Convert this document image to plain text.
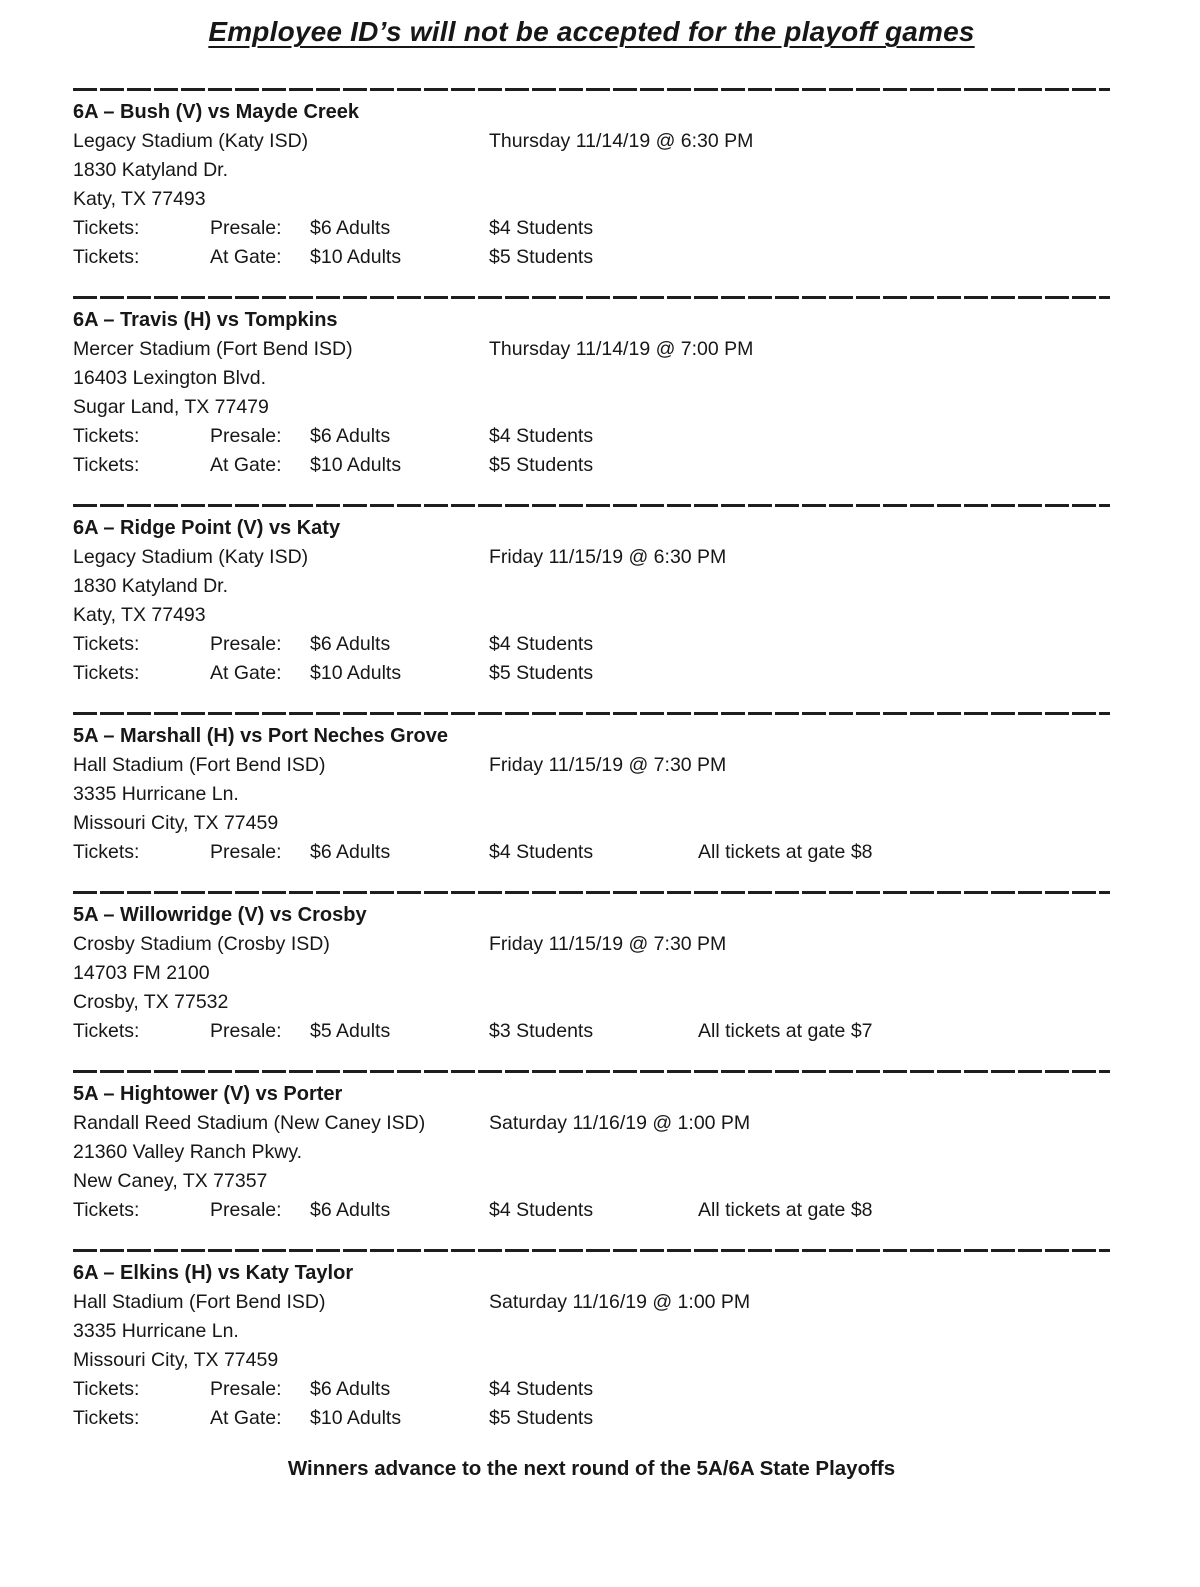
Employee ID’s will not be accepted for the playoff games
6A – Bush (V) vs Mayde Creek
Legacy Stadium (Katy ISD)	Thursday 11/14/19 @ 6:30 PM
1830 Katyland Dr.
Katy, TX 77493
Tickets:	Presale:	$6 Adults	$4 Students
Tickets:	At Gate:	$10 Adults	$5 Students
6A – Travis (H) vs Tompkins
Mercer Stadium (Fort Bend ISD)	Thursday 11/14/19 @ 7:00 PM
16403 Lexington Blvd.
Sugar Land, TX 77479
Tickets:	Presale:	$6 Adults	$4 Students
Tickets:	At Gate:	$10 Adults	$5 Students
6A – Ridge Point (V) vs Katy
Legacy Stadium (Katy ISD)	Friday 11/15/19 @ 6:30 PM
1830 Katyland Dr.
Katy, TX 77493
Tickets:	Presale:	$6 Adults	$4 Students
Tickets:	At Gate:	$10 Adults	$5 Students
5A – Marshall (H) vs Port Neches Grove
Hall Stadium (Fort Bend ISD)	Friday 11/15/19 @ 7:30 PM
3335 Hurricane Ln.
Missouri City, TX 77459
Tickets:	Presale:	$6 Adults	$4 Students	All tickets at gate $8
5A – Willowridge (V) vs Crosby
Crosby Stadium (Crosby ISD)	Friday 11/15/19 @ 7:30 PM
14703 FM 2100
Crosby, TX 77532
Tickets:	Presale:	$5 Adults	$3 Students	All tickets at gate $7
5A – Hightower (V) vs Porter
Randall Reed Stadium (New Caney ISD)	Saturday 11/16/19 @ 1:00 PM
21360 Valley Ranch Pkwy.
New Caney, TX 77357
Tickets:	Presale:	$6 Adults	$4 Students	All tickets at gate $8
6A – Elkins (H) vs Katy Taylor
Hall Stadium (Fort Bend ISD)	Saturday 11/16/19 @ 1:00 PM
3335 Hurricane Ln.
Missouri City, TX 77459
Tickets:	Presale:	$6 Adults	$4 Students
Tickets:	At Gate:	$10 Adults	$5 Students
Winners advance to the next round of the 5A/6A State Playoffs
